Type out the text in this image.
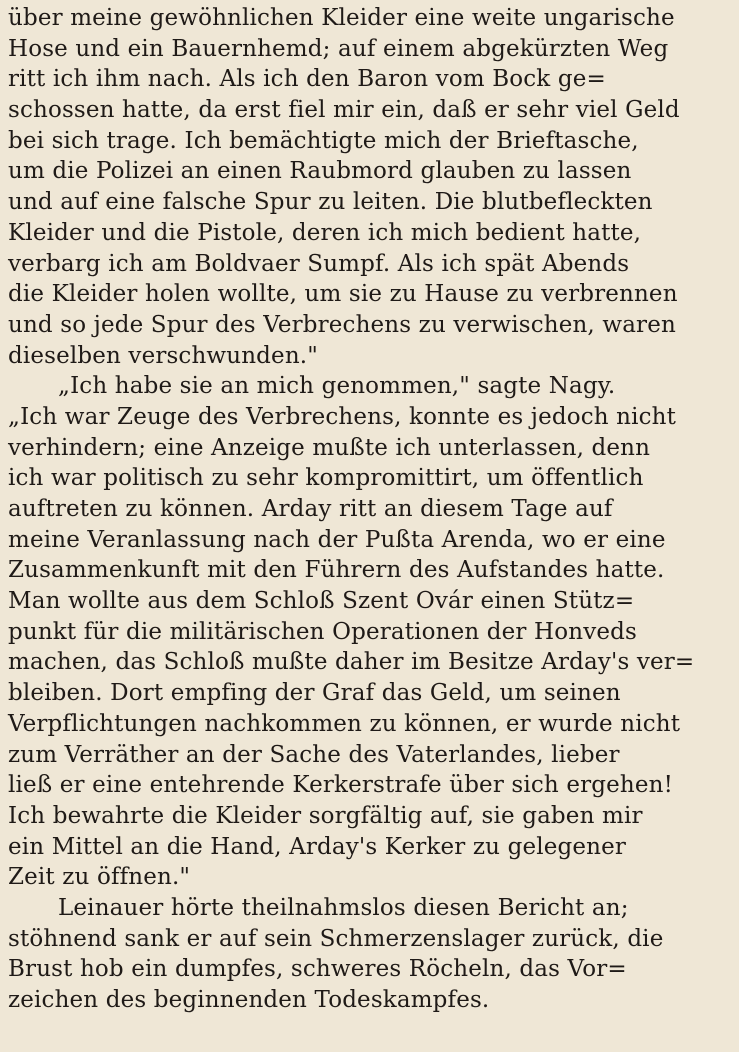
über meine gewöhnlichen Kleider eine weite ungarische
Hose und ein Bauernhemd; auf einem abgekürzten Weg
ritt ich ihm nach. Als ich den Baron vom Bock ge=
schossen hatte, da erst fiel mir ein, daß er sehr viel Geld
bei sich trage. Ich bemächtigte mich der Brieftasche,
um die Polizei an einen Raubmord glauben zu lassen
und auf eine falsche Spur zu leiten. Die blutbefleckten
Kleider und die Pistole, deren ich mich bedient hatte,
verbarg ich am Boldvaer Sumpf. Als ich spät Abends
die Kleider holen wollte, um sie zu Hause zu verbrennen
und so jede Spur des Verbrechens zu verwischen, waren
dieselben verschwunden."
„Ich habe sie an mich genommen," sagte Nagy.
„Ich war Zeuge des Verbrechens, konnte es jedoch nicht
verhindern; eine Anzeige mußte ich unterlassen, denn
ich war politisch zu sehr kompromittirt, um öffentlich
auftreten zu können. Arday ritt an diesem Tage auf
meine Veranlassung nach der Pußta Arenda, wo er eine
Zusammenkunft mit den Führern des Aufstandes hatte.
Man wollte aus dem Schloß Szent Ovár einen Stütz=
punkt für die militärischen Operationen der Honveds
machen, das Schloß mußte daher im Besitze Arday's ver=
bleiben. Dort empfing der Graf das Geld, um seinen
Verpflichtungen nachkommen zu können, er wurde nicht
zum Verräther an der Sache des Vaterlandes, lieber
ließ er eine entehrende Kerkerstrafe über sich ergehen!
Ich bewahrte die Kleider sorgfältig auf, sie gaben mir
ein Mittel an die Hand, Arday's Kerker zu gelegener
Zeit zu öffnen."
Leinauer hörte theilnahmslos diesen Bericht an;
stöhnend sank er auf sein Schmerzenslager zurück, die
Brust hob ein dumpfes, schweres Röcheln, das Vor=
zeichen des beginnenden Todeskampfes.
